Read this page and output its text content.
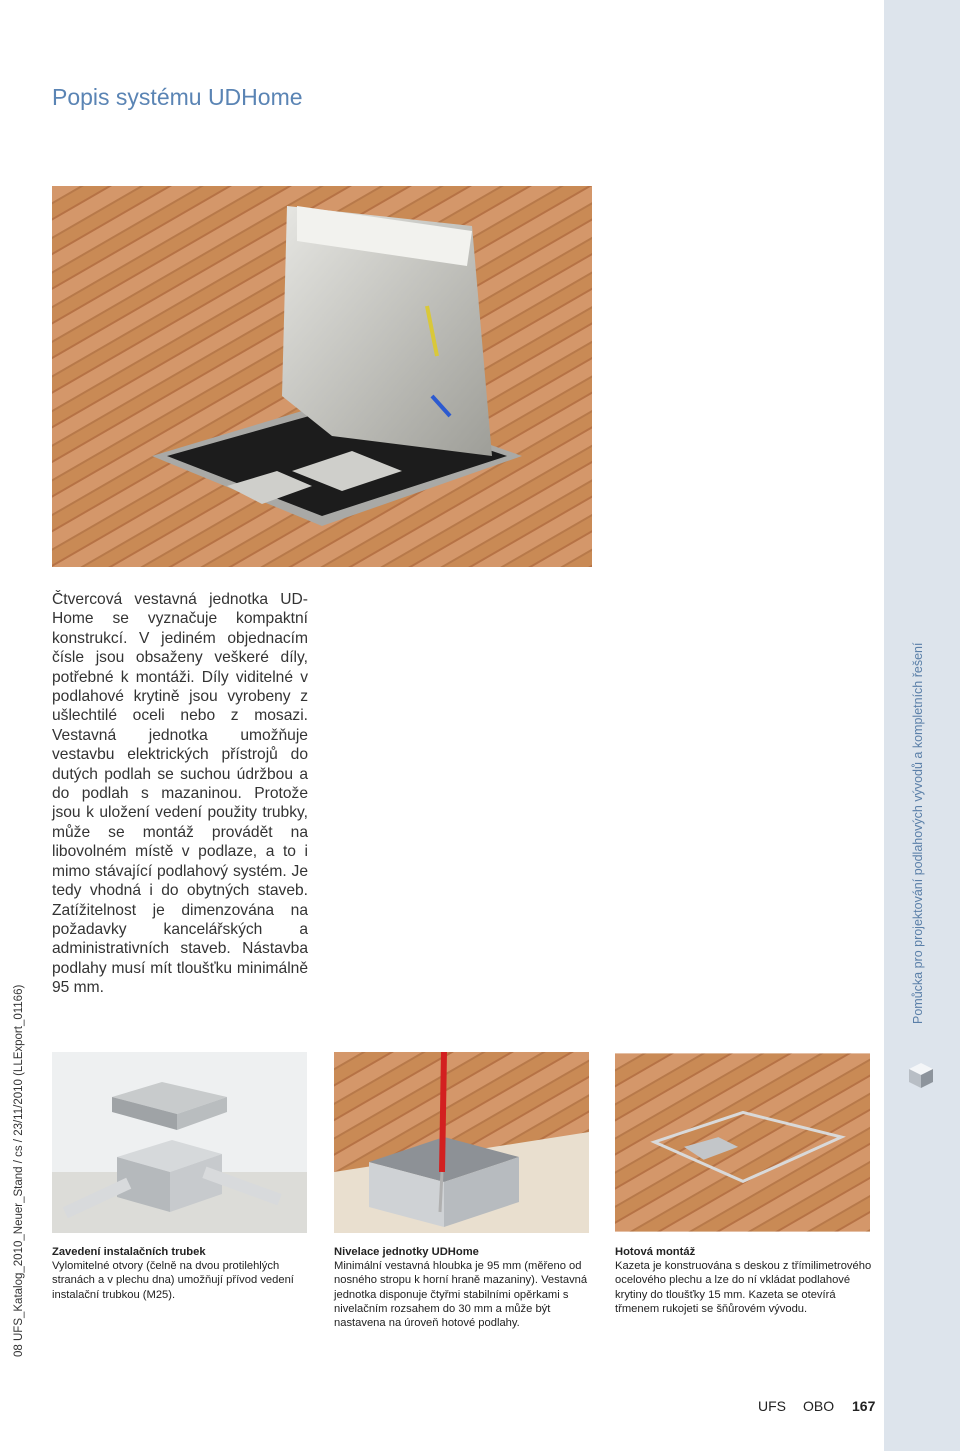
Pomůcka pro projektování podlahových vývodů a kompletních řešení
08 UFS_Katalog_2010_Neuer_Stand / cs / 23/11/2010 (LLExport_01166)
Popis systému UDHome

Čtvercová vestavná jednotka UD-Home se vyznačuje kompaktní konstrukcí. V jediném objednacím čísle jsou obsaženy veškeré díly, potřebné k montáži. Díly viditelné v podlahové krytině jsou vyrobeny z ušlechtilé oceli nebo z mosazi. Vestavná jednotka umožňuje vestavbu elektrických přístrojů do dutých podlah se suchou údržbou a do podlah s mazaninou. Protože jsou k uložení vedení použity trubky, může se montáž provádět na libovolném místě v podlaze, a to i mimo stávající podlahový systém. Je tedy vhodná i do obytných staveb. Zatížitelnost je dimenzována na požadavky kancelářských a administrativních staveb. Nástavba podlahy musí mít tloušťku minimálně 95 mm.

Zavedení instalačních trubek
Vylomitelné otvory (čelně na dvou protilehlých stranách a v plechu dna) umožňují přívod vedení instalační trubkou (M25).
Nivelace jednotky UDHome
Minimální vestavná hloubka je 95 mm (měřeno od nosného stropu k horní hraně mazaniny). Vestavná jednotka disponuje čtyřmi stabilními opěrkami s nivelačním rozsahem do 30 mm a může být nastavena na úroveň hotové podlahy.
Hotová montáž
Kazeta je konstruována s deskou z třímilimetrového ocelového plechu a lze do ní vkládat podlahové krytiny do tloušťky 15 mm. Kazeta se otevírá třmenem rukojeti se šňůrovém vývodu.
UFS OBO 167
